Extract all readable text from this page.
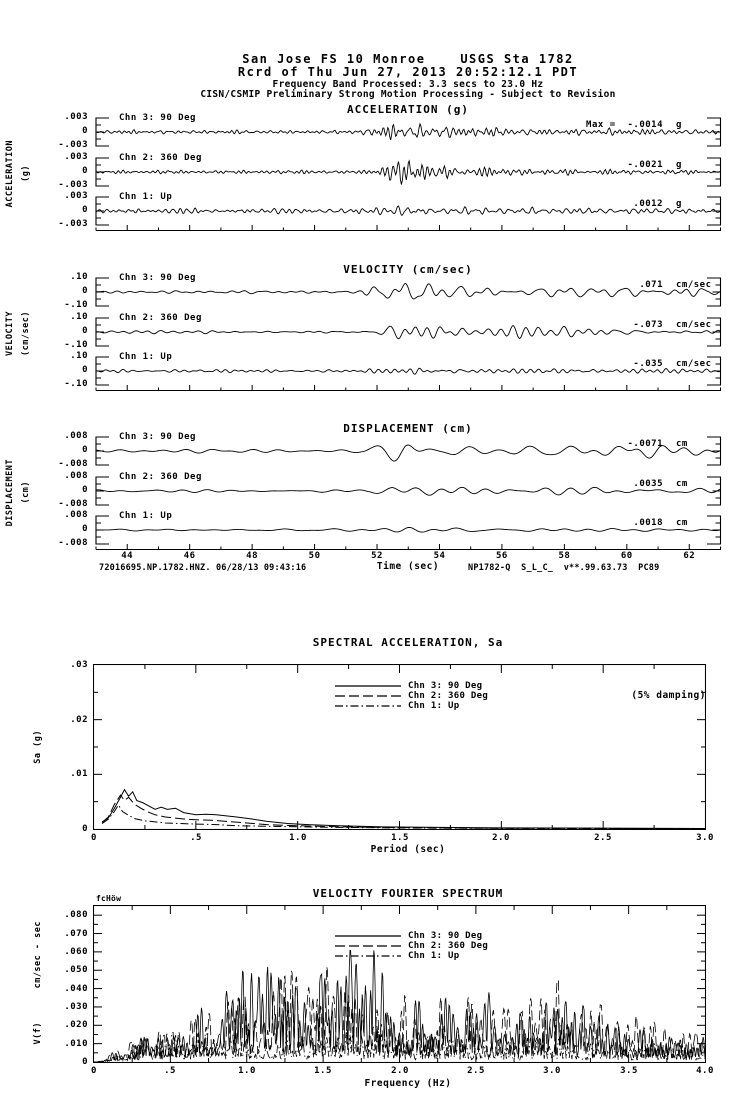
San Jose FS 10 Monroe    USGS Sta 1782
Rcrd of Thu Jun 27, 2013 20:52:12.1 PDT
Frequency Band Processed: 3.3 secs to 23.0 Hz
CISN/CSMIP Preliminary Strong Motion Processing - Subject to Revision
ACCELERATION (g)
ACCELERATION (g)

.003

0

-.003

Chn 3: 90 Deg

Max =  -.0014

g

.003

0

-.003

Chn 2: 360 Deg

-.0021

g

.003

0

-.003

Chn 1: Up

.0012

g

VELOCITY (cm/sec)
VELOCITY (cm/sec)

.10

0

-.10

Chn 3: 90 Deg

.071

cm/sec

.10

0

-.10

Chn 2: 360 Deg

-.073

cm/sec

.10

0

-.10

Chn 1: Up

-.035

cm/sec

DISPLACEMENT (cm)
DISPLACEMENT (cm)

.008

0

-.008

Chn 3: 90 Deg

-.0071

cm

.008

0

-.008

Chn 2: 360 Deg

.0035

cm

.008

0

-.008

Chn 1: Up

.0018

cm

Time (sec)
72016695.NP.1782.HNZ. 06/28/13 09:43:16	NP1782-Q  S_L_C_  v**.99.63.73  PC89
SPECTRAL ACCELERATION, Sa
(5% damping)
Chn 3: 90 Deg
Chn 2: 360 Deg
Chn 1: Up
Sa (g)
Period (sec)
VELOCITY FOURIER SPECTRUM
fcHöw
Chn 3: 90 Deg
Chn 2: 360 Deg
Chn 1: Up
cm/sec - sec
V(f)
Frequency (Hz)
44	46	48	50	52	54	56	58	60	62
.03
.02
.01
0
0	.5	1.0	1.5	2.0	2.5	3.0
.080
.070
.060
.050
.040
.030
.020
.010
0
0	.5	1.0	1.5	2.0	2.5	3.0	3.5	4.0
